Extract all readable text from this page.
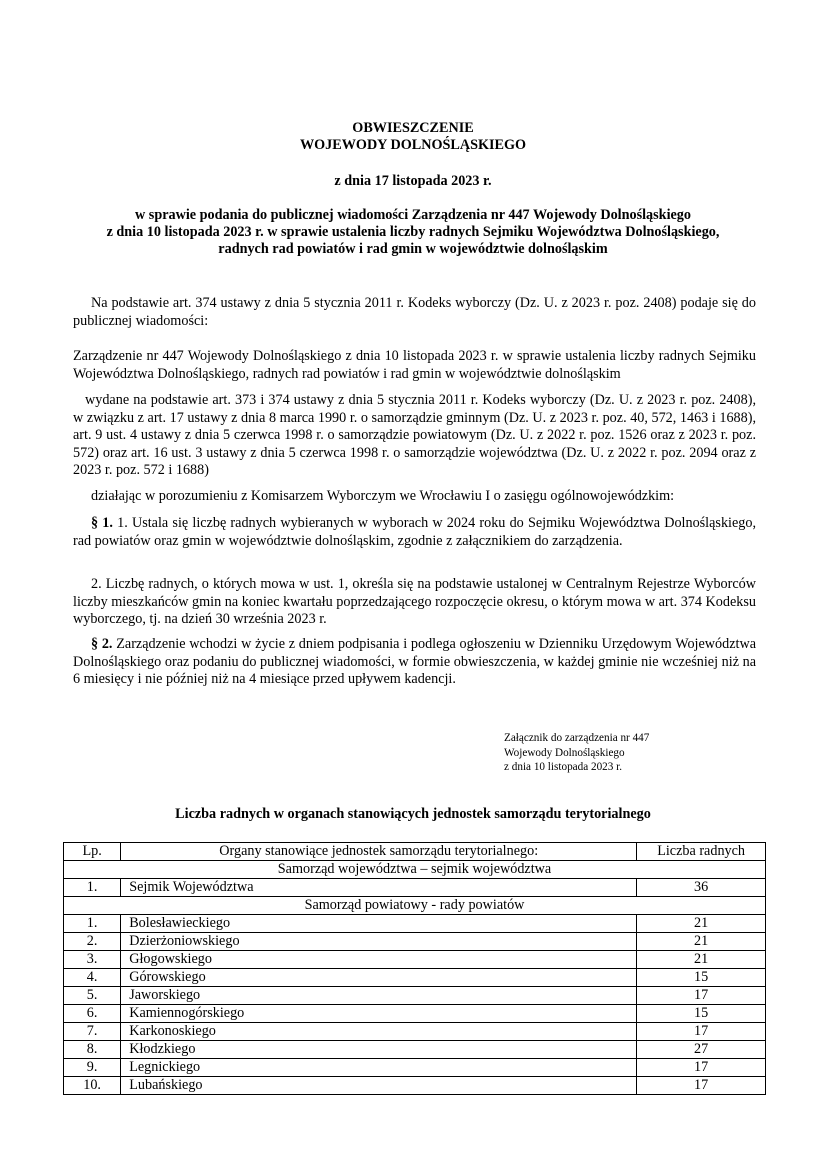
OBWIESZCZENIE
WOJEWODY DOLNOŚLĄSKIEGO
z dnia 17 listopada 2023 r.
w sprawie podania do publicznej wiadomości Zarządzenia nr 447 Wojewody Dolnośląskiego
z dnia 10 listopada 2023 r. w sprawie ustalenia liczby radnych Sejmiku Województwa Dolnośląskiego,
radnych rad powiatów i rad gmin w województwie dolnośląskim
Na podstawie art. 374 ustawy z dnia 5 stycznia 2011 r. Kodeks wyborczy (Dz. U. z 2023 r. poz. 2408) podaje się do publicznej wiadomości:
Zarządzenie nr 447 Wojewody Dolnośląskiego z dnia 10 listopada 2023 r. w sprawie ustalenia liczby radnych Sejmiku Województwa Dolnośląskiego, radnych rad powiatów i rad gmin w województwie dolnośląskim
wydane na podstawie art. 373 i 374 ustawy z dnia 5 stycznia 2011 r. Kodeks wyborczy (Dz. U. z 2023 r. poz. 2408), w związku z art. 17 ustawy z dnia 8 marca 1990 r. o samorządzie gminnym (Dz. U. z 2023 r. poz. 40, 572, 1463 i 1688), art. 9 ust. 4 ustawy z dnia 5 czerwca 1998 r. o samorządzie powiatowym (Dz. U. z 2022 r. poz. 1526 oraz z 2023 r. poz. 572) oraz art. 16 ust. 3 ustawy z dnia 5 czerwca 1998 r. o samorządzie województwa (Dz. U. z 2022 r. poz. 2094 oraz z 2023 r. poz. 572 i 1688)
działając w porozumieniu z Komisarzem Wyborczym we Wrocławiu I o zasięgu ogólnowojewódzkim:
§ 1. 1. Ustala się liczbę radnych wybieranych w wyborach w 2024 roku do Sejmiku Województwa Dolnośląskiego, rad powiatów oraz gmin w województwie dolnośląskim, zgodnie z załącznikiem do zarządzenia.
2. Liczbę radnych, o których mowa w ust. 1, określa się na podstawie ustalonej w Centralnym Rejestrze Wyborców liczby mieszkańców gmin na koniec kwartału poprzedzającego rozpoczęcie okresu, o którym mowa w art. 374 Kodeksu wyborczego, tj. na dzień 30 września 2023 r.
§ 2. Zarządzenie wchodzi w życie z dniem podpisania i podlega ogłoszeniu w Dzienniku Urzędowym Województwa Dolnośląskiego oraz podaniu do publicznej wiadomości, w formie obwieszczenia, w każdej gminie nie wcześniej niż na 6 miesięcy i nie później niż na 4 miesiące przed upływem kadencji.
Załącznik do zarządzenia nr 447
Wojewody Dolnośląskiego
z dnia 10 listopada 2023 r.
Liczba radnych w organach stanowiących jednostek samorządu terytorialnego
Lp.	Organy stanowiące jednostek samorządu terytorialnego:	Liczba radnych
Samorząd województwa – sejmik województwa		
1.	Sejmik Województwa	36
Samorząd powiatowy - rady powiatów		
1.	Bolesławieckiego	21
2.	Dzierżoniowskiego	21
3.	Głogowskiego	21
4.	Górowskiego	15
5.	Jaworskiego	17
6.	Kamiennogórskiego	15
7.	Karkonoskiego	17
8.	Kłodzkiego	27
9.	Legnickiego	17
10.	Lubańskiego	17
